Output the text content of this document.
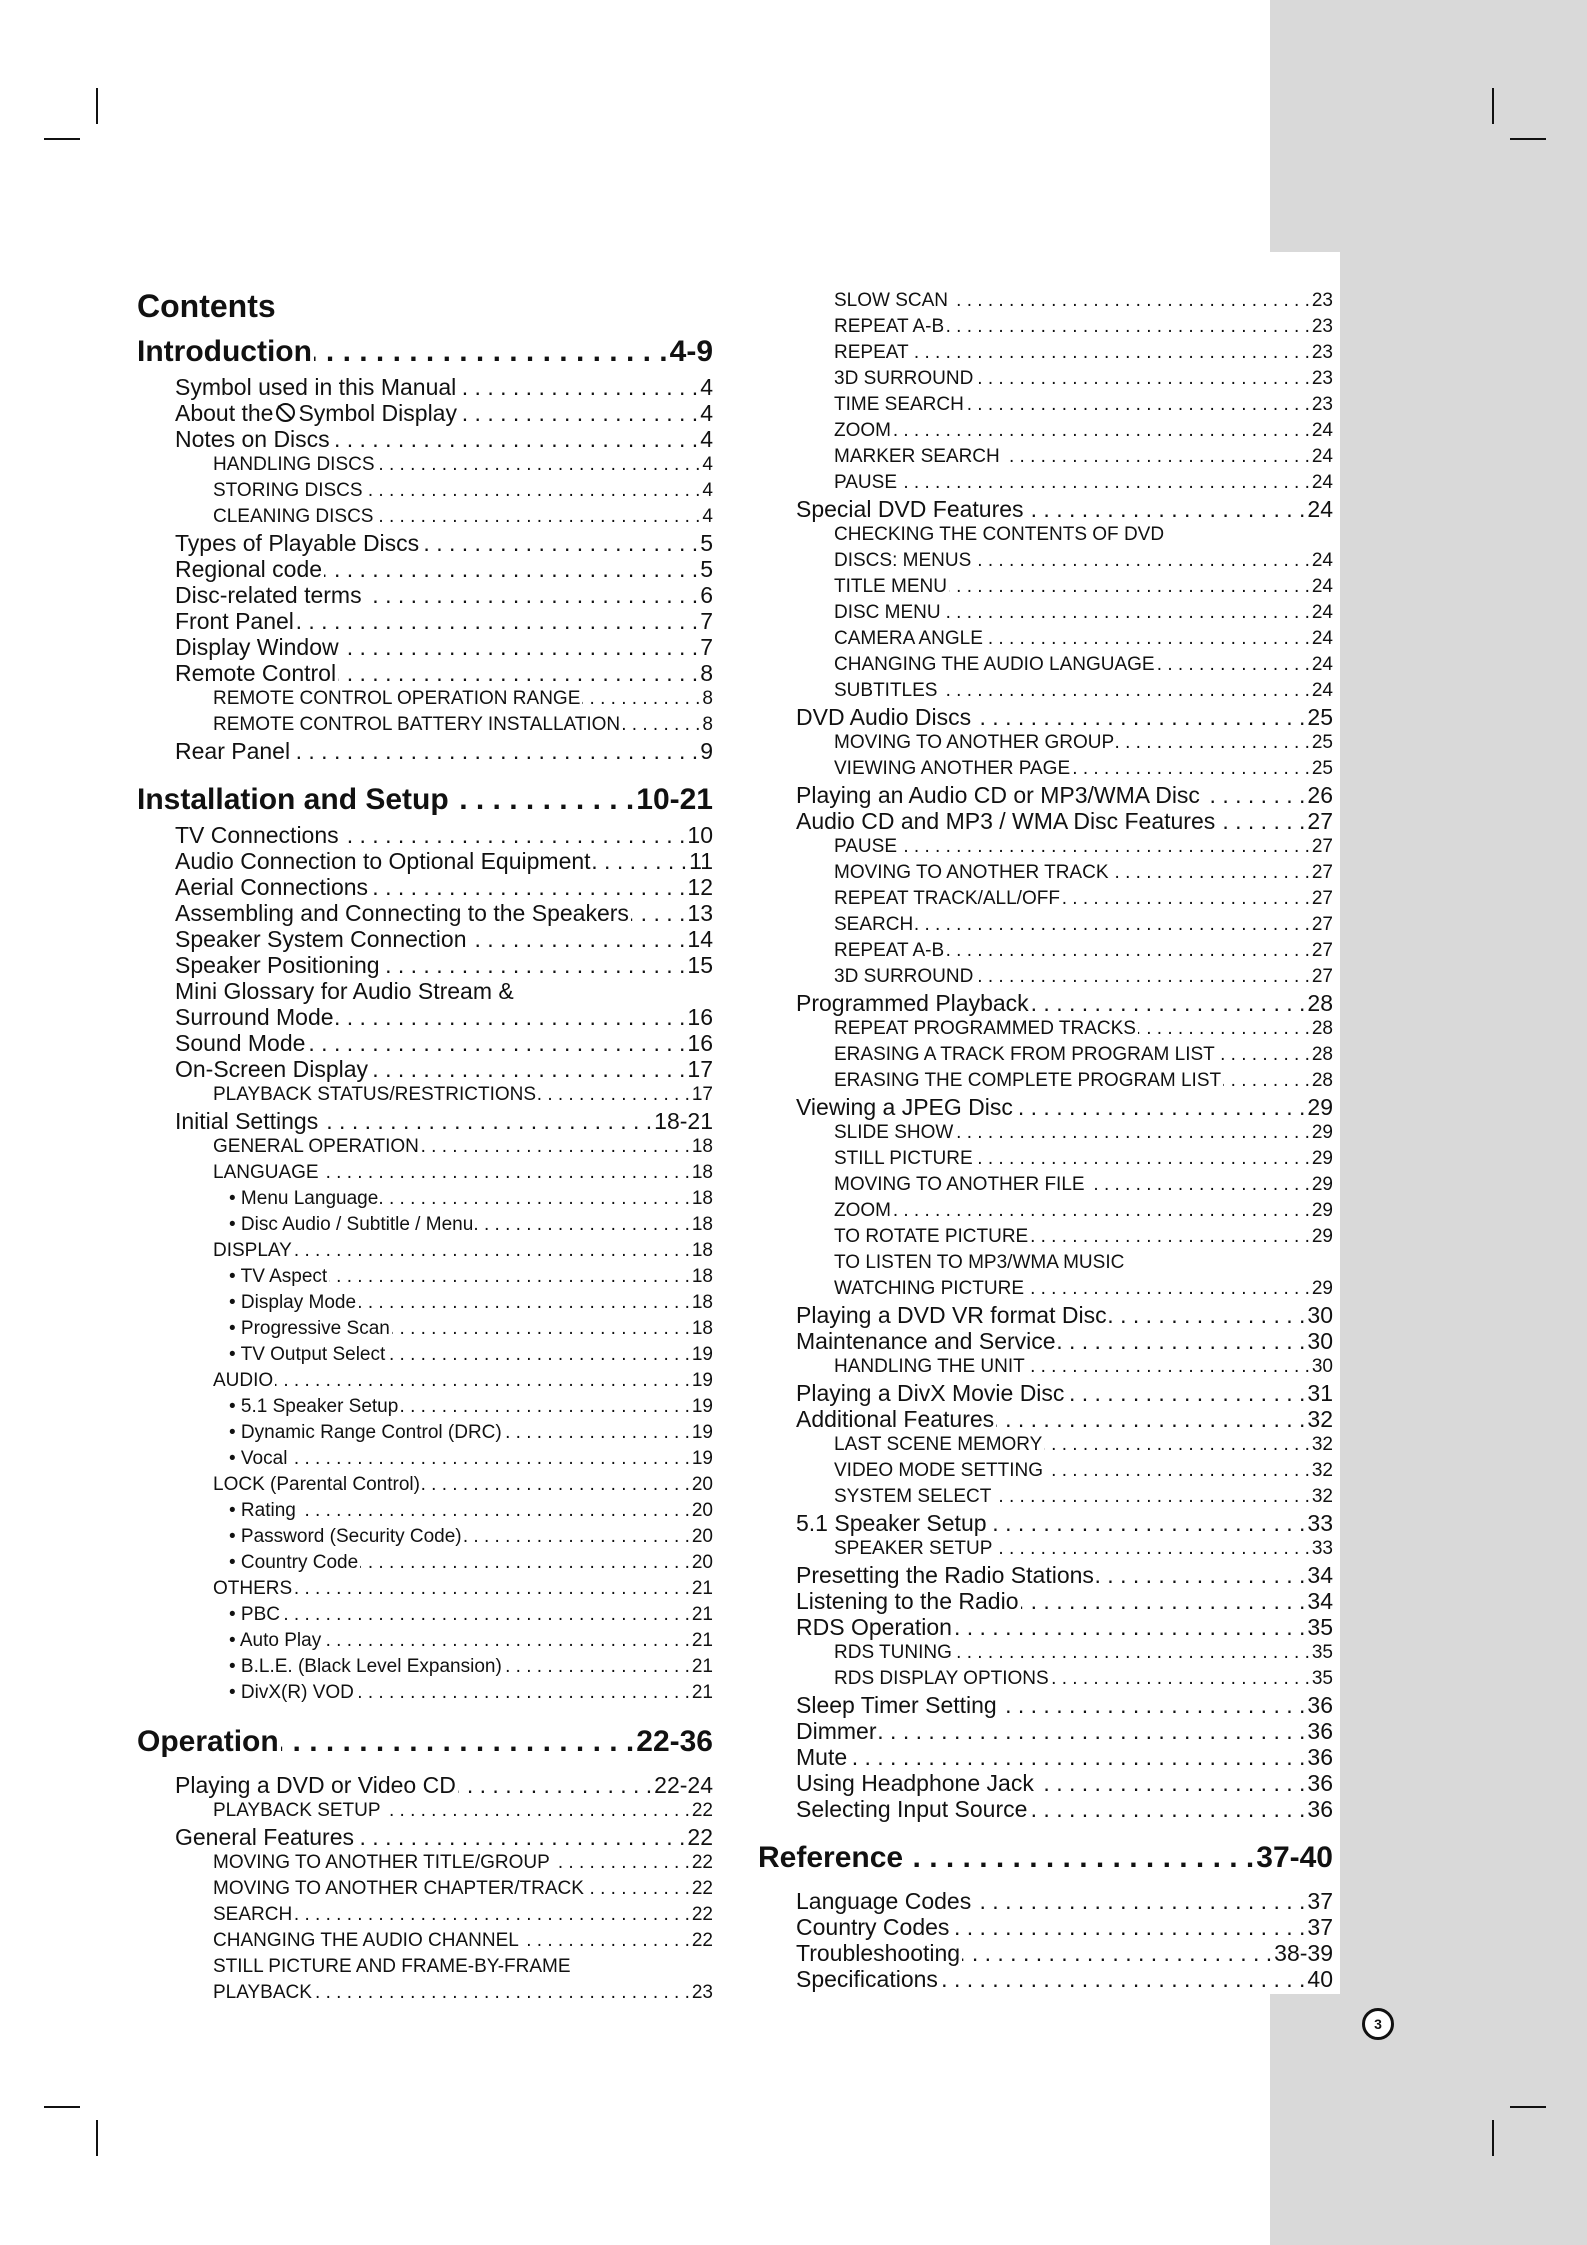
Contents
Introduction . . .	4-9
Symbol used in this Manual . . .	4
About the Symbol Display . . .	4
Notes on Discs . . .	4
HANDLING DISCS . . .	4
STORING DISCS . . .	4
CLEANING DISCS . . .	4
Types of Playable Discs . . .	5
Regional code . . .	5
Disc-related terms . . .	6
Front Panel . . .	7
Display Window . . .	7
Remote Control . . .	8
REMOTE CONTROL OPERATION RANGE . . .	8
REMOTE CONTROL BATTERY INSTALLATION . . .	8
Rear Panel . . .	9
Installation and Setup . . .	10-21
TV Connections . . .	10
Audio Connection to Optional Equipment . . .	11
Aerial Connections . . .	12
Assembling and Connecting to the Speakers . . .	13
Speaker System Connection . . .	14
Speaker Positioning . . .	15
Mini Glossary for Audio Stream &
Surround Mode . . .	16
Sound Mode . . .	16
On-Screen Display . . .	17
PLAYBACK STATUS/RESTRICTIONS . . .	17
Initial Settings . . .	18-21
GENERAL OPERATION . . .	18
LANGUAGE . . .	18
• Menu Language . . .	18
• Disc Audio / Subtitle / Menu . . .	18
DISPLAY . . .	18
• TV Aspect . . .	18
• Display Mode . . .	18
• Progressive Scan . . .	18
• TV Output Select . . .	19
AUDIO . . .	19
• 5.1 Speaker Setup . . .	19
• Dynamic Range Control (DRC) . . .	19
• Vocal . . .	19
LOCK (Parental Control) . . .	20
• Rating . . .	20
• Password (Security Code) . . .	20
• Country Code . . .	20
OTHERS . . .	21
• PBC . . .	21
• Auto Play . . .	21
• B.L.E. (Black Level Expansion) . . .	21
• DivX(R) VOD . . .	21
Operation . . .	22-36
Playing a DVD or Video CD . . .	22-24
PLAYBACK SETUP . . .	22
General Features . . .	22
MOVING TO ANOTHER TITLE/GROUP . . .	22
MOVING TO ANOTHER CHAPTER/TRACK . . .	22
SEARCH . . .	22
CHANGING THE AUDIO CHANNEL . . .	22
STILL PICTURE AND FRAME-BY-FRAME
PLAYBACK . . .	23
SLOW SCAN . . .	23
REPEAT A-B . . .	23
REPEAT . . .	23
3D SURROUND . . .	23
TIME SEARCH . . .	23
ZOOM . . .	24
MARKER SEARCH . . .	24
PAUSE . . .	24
Special DVD Features . . .	24
CHECKING THE CONTENTS OF DVD
DISCS: MENUS . . .	24
TITLE MENU . . .	24
DISC MENU . . .	24
CAMERA ANGLE . . .	24
CHANGING THE AUDIO LANGUAGE . . .	24
SUBTITLES . . .	24
DVD Audio Discs . . .	25
MOVING TO ANOTHER GROUP . . .	25
VIEWING ANOTHER PAGE . . .	25
Playing an Audio CD or MP3/WMA Disc . . .	26
Audio CD and MP3 / WMA Disc Features . . .	27
PAUSE . . .	27
MOVING TO ANOTHER TRACK . . .	27
REPEAT TRACK/ALL/OFF . . .	27
SEARCH . . .	27
REPEAT A-B . . .	27
3D SURROUND . . .	27
Programmed Playback . . .	28
REPEAT PROGRAMMED TRACKS . . .	28
ERASING A TRACK FROM PROGRAM LIST . . .	28
ERASING THE COMPLETE PROGRAM LIST . . .	28
Viewing a JPEG Disc . . .	29
SLIDE SHOW . . .	29
STILL PICTURE . . .	29
MOVING TO ANOTHER FILE . . .	29
ZOOM . . .	29
TO ROTATE PICTURE . . .	29
TO LISTEN TO MP3/WMA MUSIC
WATCHING PICTURE . . .	29
Playing a DVD VR format Disc . . .	30
Maintenance and Service . . .	30
HANDLING THE UNIT . . .	30
Playing a DivX Movie Disc . . .	31
Additional Features . . .	32
LAST SCENE MEMORY . . .	32
VIDEO MODE SETTING . . .	32
SYSTEM SELECT . . .	32
5.1 Speaker Setup . . .	33
SPEAKER SETUP . . .	33
Presetting the Radio Stations . . .	34
Listening to the Radio . . .	34
RDS Operation . . .	35
RDS TUNING . . .	35
RDS DISPLAY OPTIONS . . .	35
Sleep Timer Setting . . .	36
Dimmer . . .	36
Mute . . .	36
Using Headphone Jack . . .	36
Selecting Input Source . . .	36
Reference . . .	37-40
Language Codes . . .	37
Country Codes . . .	37
Troubleshooting . . .	38-39
Specifications . . .	40
3
